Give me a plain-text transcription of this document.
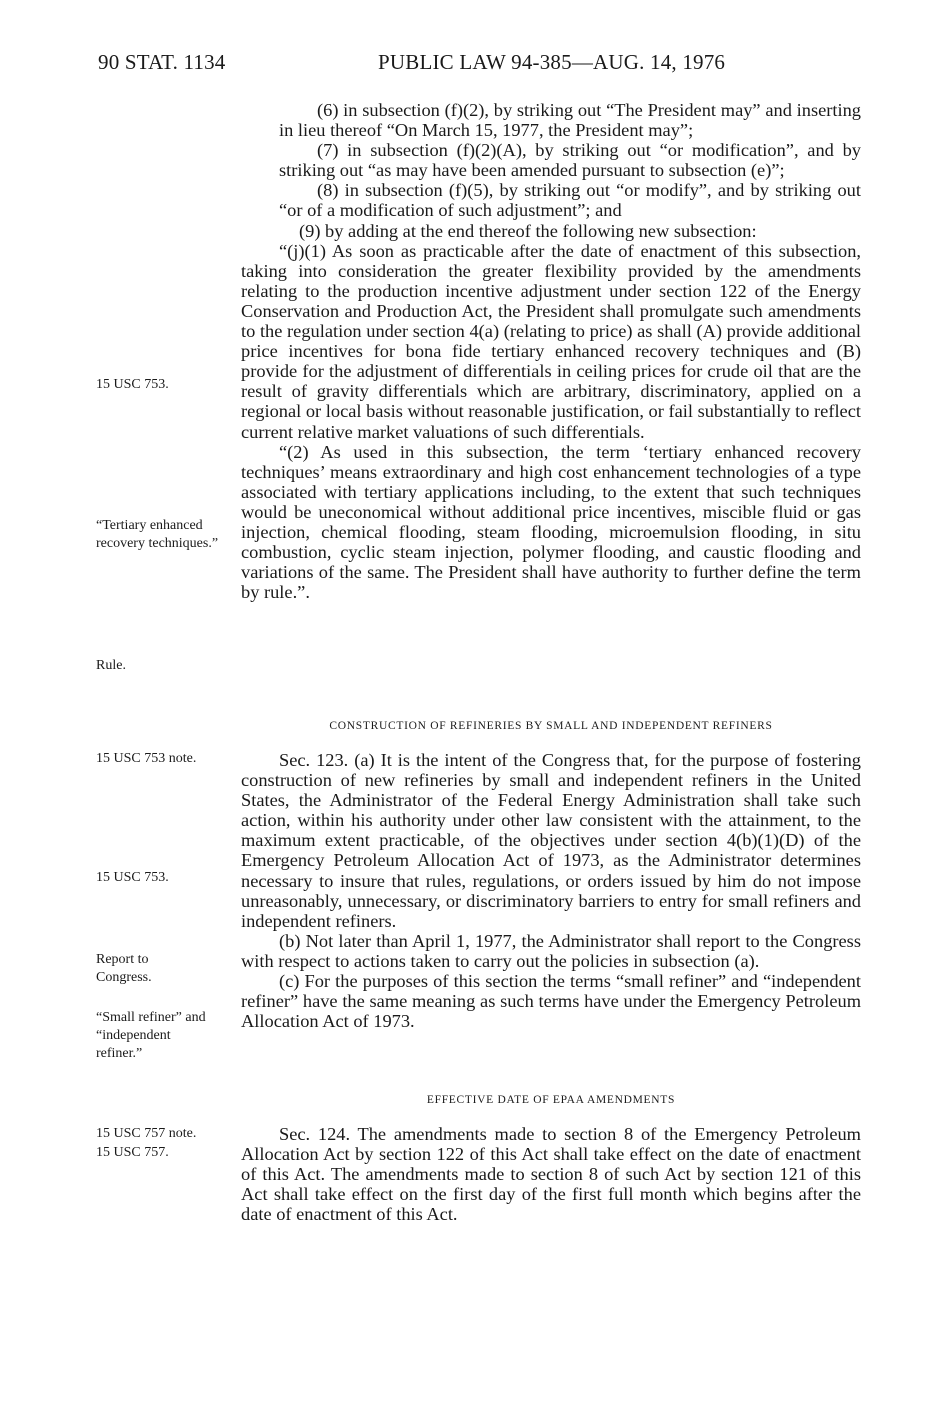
90 STAT. 1134	PUBLIC LAW 94-385—AUG. 14, 1976
15 USC 753.
“Tertiary enhanced recovery techniques.”
Rule.
15 USC 753 note.
15 USC 753.
Report to Congress.
“Small refiner” and “independent refiner.”
15 USC 757 note.
15 USC 757.

(6) in subsection (f)(2), by striking out “The President may” and inserting in lieu thereof “On March 15, 1977, the President may”;

(7) in subsection (f)(2)(A), by striking out “or modification”, and by striking out “as may have been amended pursuant to subsection (e)”;

(8) in subsection (f)(5), by striking out “or modify”, and by striking out “or of a modification of such adjustment”; and

(9) by adding at the end thereof the following new subsection:

“(j)(1) As soon as practicable after the date of enactment of this subsection, taking into consideration the greater flexibility provided by the amendments relating to the production incentive adjustment under section 122 of the Energy Conservation and Production Act, the President shall promulgate such amendments to the regulation under section 4(a) (relating to price) as shall (A) provide additional price incentives for bona fide tertiary enhanced recovery techniques and (B) provide for the adjustment of differentials in ceiling prices for crude oil that are the result of gravity differentials which are arbitrary, discriminatory, applied on a regional or local basis without reasonable justification, or fail substantially to reflect current relative market valuations of such differentials.

“(2) As used in this subsection, the term ‘tertiary enhanced recovery techniques’ means extraordinary and high cost enhancement technologies of a type associated with tertiary applications including, to the extent that such techniques would be uneconomical without additional price incentives, miscible fluid or gas injection, chemical flooding, steam flooding, microemulsion flooding, in situ combustion, cyclic steam injection, polymer flooding, and caustic flooding and variations of the same. The President shall have authority to further define the term by rule.”.

CONSTRUCTION OF REFINERIES BY SMALL AND INDEPENDENT REFINERS

Sec. 123. (a) It is the intent of the Congress that, for the purpose of fostering construction of new refineries by small and independent refiners in the United States, the Administrator of the Federal Energy Administration shall take such action, within his authority under other law consistent with the attainment, to the maximum extent practicable, of the objectives under section 4(b)(1)(D) of the Emergency Petroleum Allocation Act of 1973, as the Administrator determines necessary to insure that rules, regulations, or orders issued by him do not impose unreasonably, unnecessary, or discriminatory barriers to entry for small refiners and independent refiners.

(b) Not later than April 1, 1977, the Administrator shall report to the Congress with respect to actions taken to carry out the policies in subsection (a).

(c) For the purposes of this section the terms “small refiner” and “independent refiner” have the same meaning as such terms have under the Emergency Petroleum Allocation Act of 1973.

EFFECTIVE DATE OF EPAA AMENDMENTS

Sec. 124. The amendments made to section 8 of the Emergency Petroleum Allocation Act by section 122 of this Act shall take effect on the date of enactment of this Act. The amendments made to section 8 of such Act by section 121 of this Act shall take effect on the first day of the first full month which begins after the date of enactment of this Act.
